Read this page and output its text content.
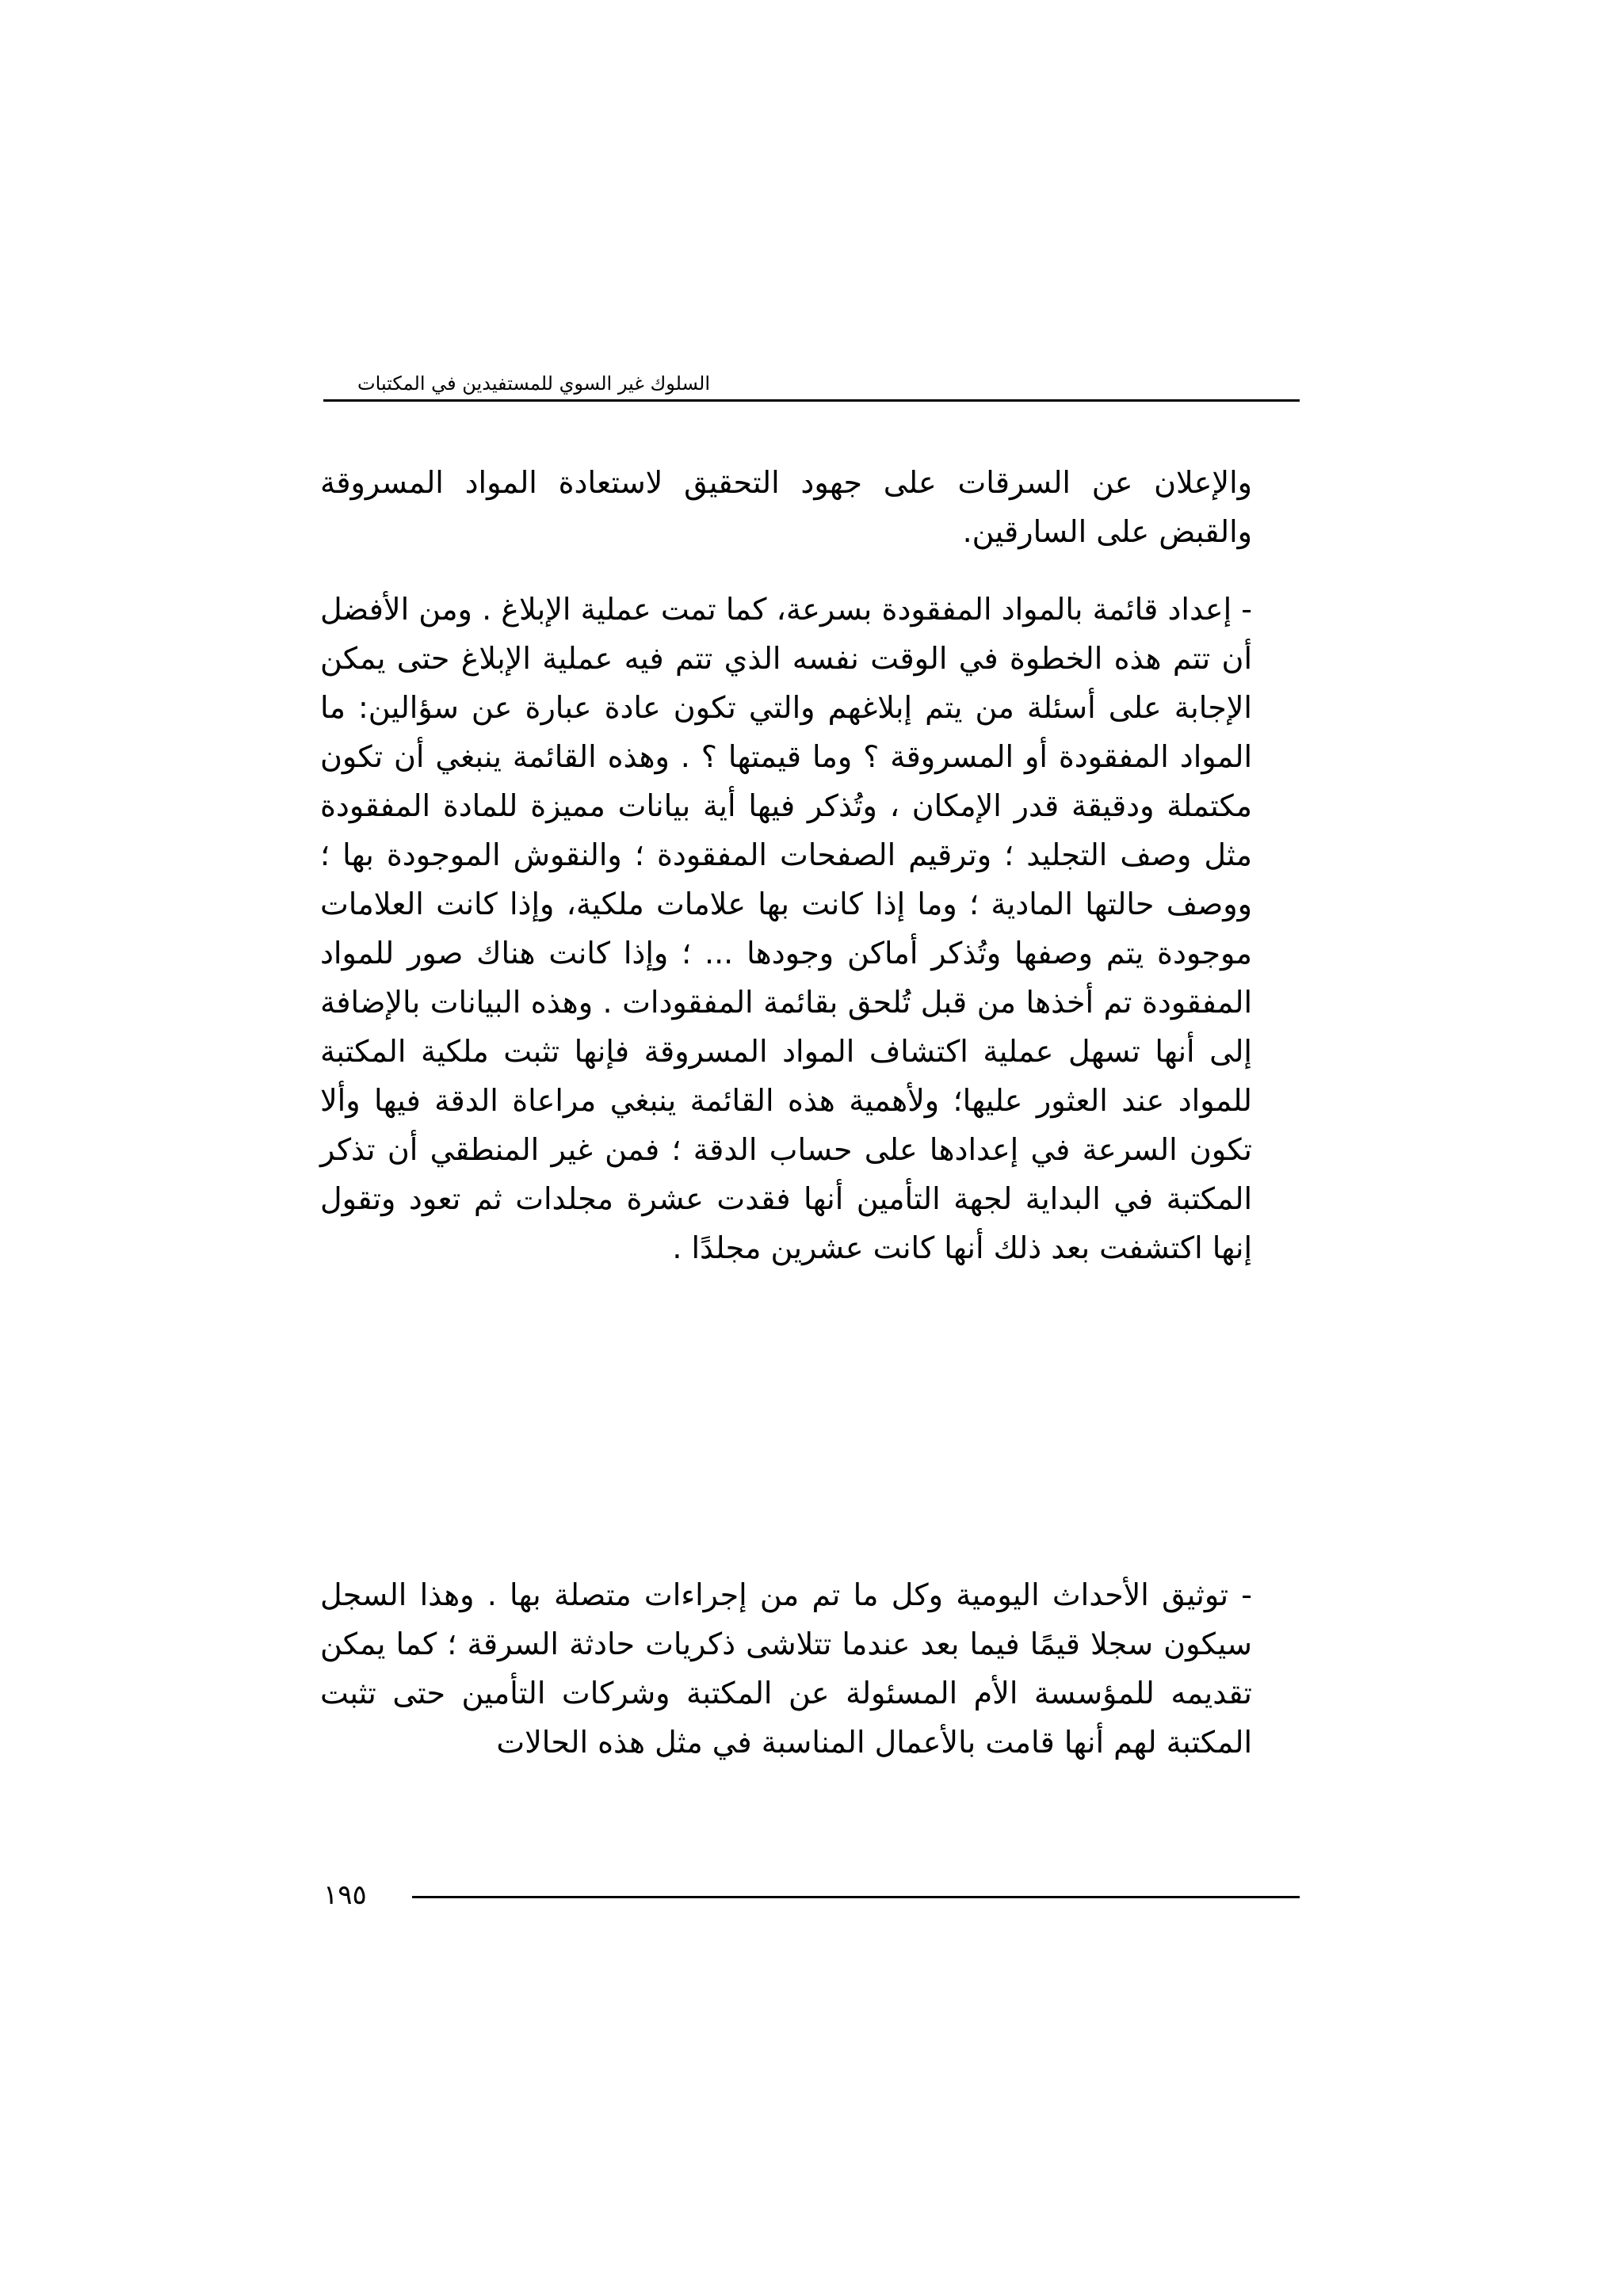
السلوك غير السوي للمستفيدين في المكتبات

والإعلان عن السرقات على جهود التحقيق لاستعادة المواد المسروقة والقبض على السارقين.

- إعداد قائمة بالمواد المفقودة بسرعة، كما تمت عملية الإبلاغ . ومن الأفضل أن تتم هذه الخطوة في الوقت نفسه الذي تتم فيه عملية الإبلاغ حتى يمكن الإجابة على أسئلة من يتم إبلاغهم والتي تكون عادة عبارة عن سؤالين: ما المواد المفقودة أو المسروقة ؟ وما قيمتها ؟ . وهذه القائمة ينبغي أن تكون مكتملة ودقيقة قدر الإمكان ، وتُذكر فيها أية بيانات مميزة للمادة المفقودة مثل وصف التجليد ؛ وترقيم الصفحات المفقودة ؛ والنقوش الموجودة بها ؛ ووصف حالتها المادية ؛ وما إذا كانت بها علامات ملكية، وإذا كانت العلامات موجودة يتم وصفها وتُذكر أماكن وجودها ... ؛ وإذا كانت هناك صور للمواد المفقودة تم أخذها من قبل تُلحق بقائمة المفقودات . وهذه البيانات بالإضافة إلى أنها تسهل عملية اكتشاف المواد المسروقة فإنها تثبت ملكية المكتبة للمواد عند العثور عليها؛ ولأهمية هذه القائمة ينبغي مراعاة الدقة فيها وألا تكون السرعة في إعدادها على حساب الدقة ؛ فمن غير المنطقي أن تذكر المكتبة في البداية لجهة التأمين أنها فقدت عشرة مجلدات ثم تعود وتقول إنها اكتشفت بعد ذلك أنها كانت عشرين مجلدًا .

- توثيق الأحداث اليومية وكل ما تم من إجراءات متصلة بها . وهذا السجل سيكون سجلا قيمًا فيما بعد عندما تتلاشى ذكريات حادثة السرقة ؛ كما يمكن تقديمه للمؤسسة الأم المسئولة عن المكتبة وشركات التأمين حتى تثبت المكتبة لهم أنها قامت بالأعمال المناسبة في مثل هذه الحالات

١٩٥
